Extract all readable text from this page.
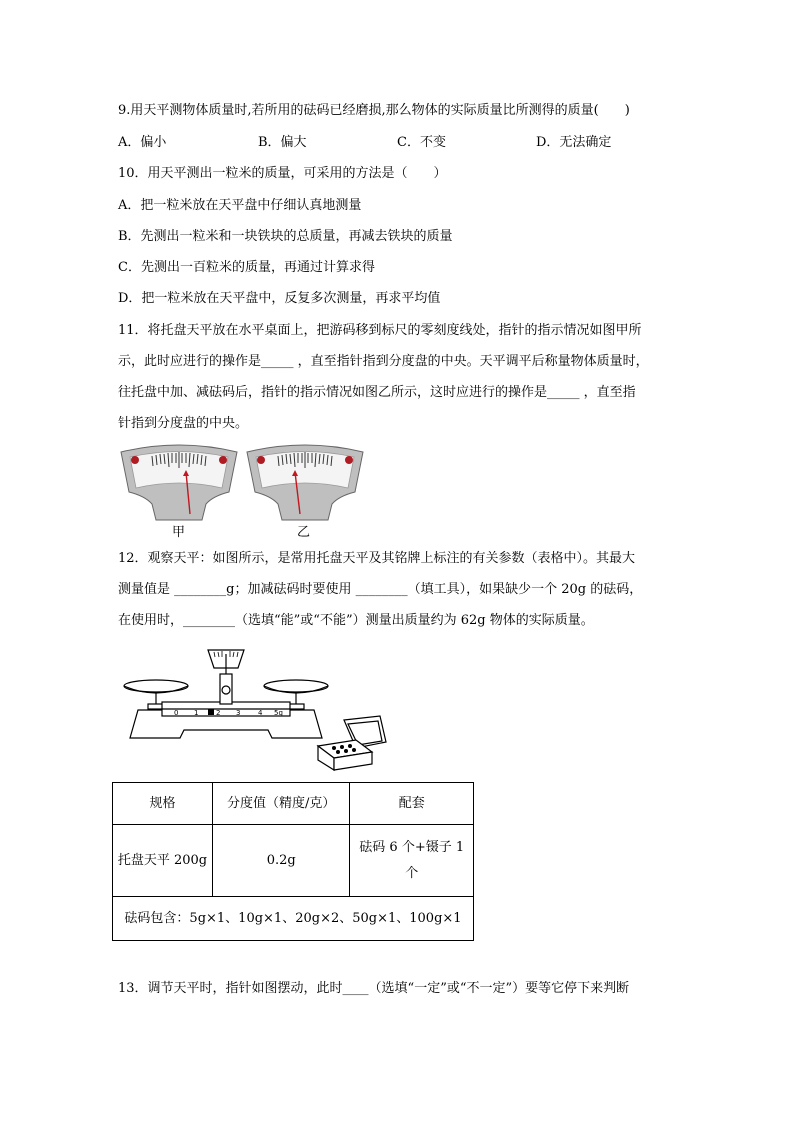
9.用天平测物体质量时,若所用的砝码已经磨损,那么物体的实际质量比所测得的质量(　　)
A．偏小	B．偏大	C．不变	D．无法确定
10．用天平测出一粒米的质量，可采用的方法是（　　）
A．把一粒米放在天平盘中仔细认真地测量
B．先测出一粒米和一块铁块的总质量，再减去铁块的质量
C．先测出一百粒米的质量，再通过计算求得
D．把一粒米放在天平盘中，反复多次测量，再求平均值
11．将托盘天平放在水平桌面上，把游码移到标尺的零刻度线处，指针的指示情况如图甲所
示，此时应进行的操作是_____ ，直至指针指到分度盘的中央。天平调平后称量物体质量时，
往托盘中加、减砝码后，指针的指示情况如图乙所示，这时应进行的操作是_____ ，直至指
针指到分度盘的中央。
甲	乙
12．观察天平：如图所示，是常用托盘天平及其铭牌上标注的有关参数（表格中）。其最大
测量值是 ________g；加减砝码时要使用 ________（填工具），如果缺少一个 20g 的砝码，
在使用时，________（选填“能”或“不能”）测量出质量约为 62g 物体的实际质量。
0 1	2 3	4 5g
规格	分度值（精度/克）	配套
托盘天平 200g	0.2g	砝码 6 个+镊子 1
个

砝码包含：5g×1、10g×1、20g×2、50g×1、100g×1		
13．调节天平时，指针如图摆动，此时____（选填“一定”或“不一定”）要等它停下来判断
